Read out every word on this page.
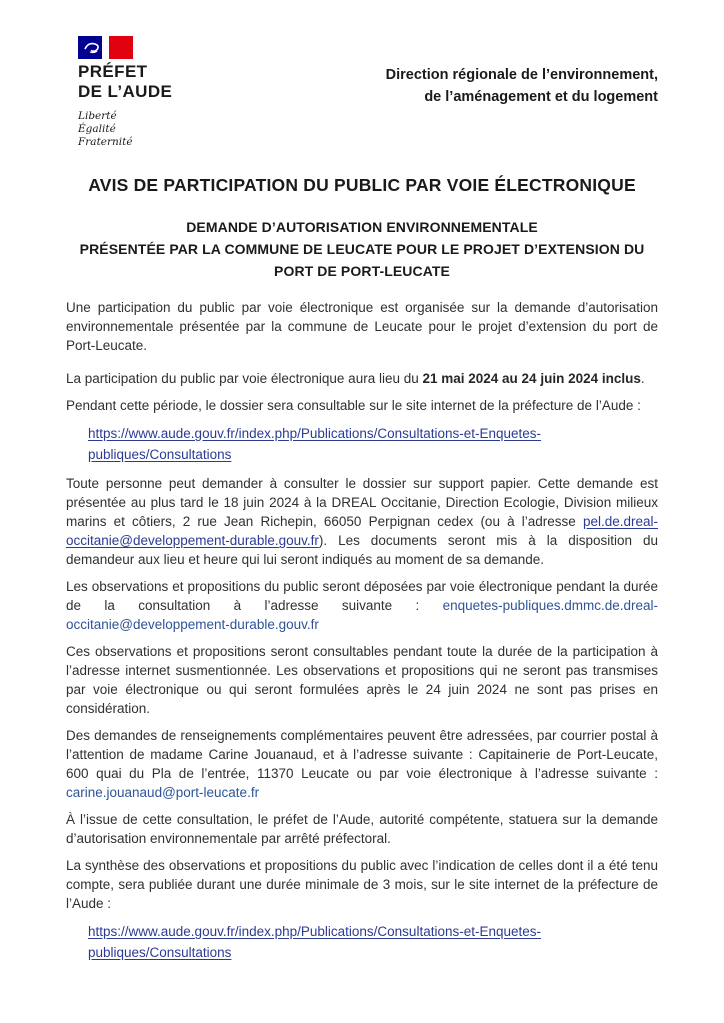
PRÉFET
DE L’AUDE
Liberté
Égalité
Fraternité
Direction régionale de l’environnement,
de l’aménagement et du logement
AVIS DE PARTICIPATION DU PUBLIC PAR VOIE ÉLECTRONIQUE
DEMANDE D’AUTORISATION ENVIRONNEMENTALE
PRÉSENTÉE PAR LA COMMUNE DE LEUCATE POUR LE PROJET D’EXTENSION DU
PORT DE PORT-LEUCATE

Une participation du public par voie électronique est organisée sur la demande d’autorisation environnementale présentée par la commune de Leucate pour le projet d’extension du port de Port-Leucate.

La participation du public par voie électronique aura lieu du 21 mai 2024 au 24 juin 2024 inclus.

Pendant cette période, le dossier sera consultable sur le site internet de la préfecture de l’Aude :

https://www.aude.gouv.fr/index.php/Publications/Consultations-et-Enquetes-publiques/Consultations

Toute personne peut demander à consulter le dossier sur support papier. Cette demande est présentée au plus tard le 18 juin 2024 à la DREAL Occitanie, Direction Ecologie, Division milieux marins et côtiers, 2 rue Jean Richepin, 66050 Perpignan cedex (ou à l’adresse pel.de.dreal-occitanie@developpement-durable.gouv.fr). Les documents seront mis à la disposition du demandeur aux lieu et heure qui lui seront indiqués au moment de sa demande.

Les observations et propositions du public seront déposées par voie électronique pendant la durée de la consultation à l’adresse suivante : enquetes-publiques.dmmc.de.dreal-occitanie@developpement-durable.gouv.fr

Ces observations et propositions seront consultables pendant toute la durée de la participation à l’adresse internet susmentionnée. Les observations et propositions qui ne seront pas transmises par voie électronique ou qui seront formulées après le 24 juin 2024 ne sont pas prises en considération.

Des demandes de renseignements complémentaires peuvent être adressées, par courrier postal à l’attention de madame Carine Jouanaud, et à l’adresse suivante : Capitainerie de Port-Leucate, 600 quai du Pla de l’entrée, 11370 Leucate ou par voie électronique à l’adresse suivante : carine.jouanaud@port-leucate.fr

À l’issue de cette consultation, le préfet de l’Aude, autorité compétente, statuera sur la demande d’autorisation environnementale par arrêté préfectoral.

La synthèse des observations et propositions du public avec l’indication de celles dont il a été tenu compte, sera publiée durant une durée minimale de 3 mois, sur le site internet de la préfecture de l’Aude :

https://www.aude.gouv.fr/index.php/Publications/Consultations-et-Enquetes-publiques/Consultations
